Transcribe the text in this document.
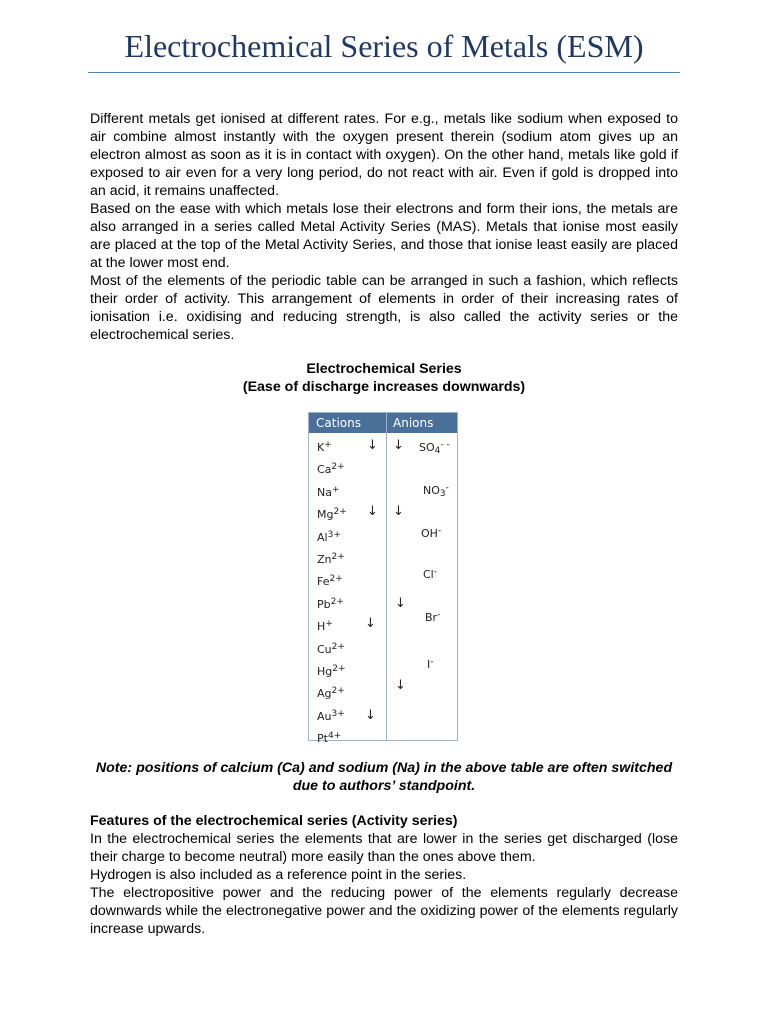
Electrochemical Series of Metals (ESM)

Different metals get ionised at different rates. For e.g., metals like sodium when exposed to air combine almost instantly with the oxygen present therein (sodium atom gives up an electron almost as soon as it is in contact with oxygen). On the other hand, metals like gold if exposed to air even for a very long period, do not react with air. Even if gold is dropped into an acid, it remains unaffected.

Based on the ease with which metals lose their electrons and form their ions, the metals are also arranged in a series called Metal Activity Series (MAS). Metals that ionise most easily are placed at the top of the Metal Activity Series, and those that ionise least easily are placed at the lower most end.

Most of the elements of the periodic table can be arranged in such a fashion, which reflects their order of activity. This arrangement of elements in order of their increasing rates of ionisation i.e. oxidising and reducing strength, is also called the activity series or the electrochemical series.

Electrochemical Series
(Ease of discharge increases downwards)
Cations	Anions
K+
$Ca^{2+}$
Na+
$Mg^{2+}$
$Al^{3+}$
$Zn^{2+}$
$Fe^{2+}$
$Pb^{2+}$
H+
$Cu^{2+}$
$Hg^{2+}$
$Ag^{2+}$
$Au^{3+}$
$Pt^{4+}$
$SO_4^{- -}$
$NO_3^-$
OH-
Cl-
Br-
I-
↓ ↓
↓ ↓
↓
↓
↓
↓
Note: positions of calcium (Ca) and sodium (Na) in the above table are often switched due to authors’ standpoint.
Features of the electrochemical series (Activity series)

In the electrochemical series the elements that are lower in the series get discharged (lose their charge to become neutral) more easily than the ones above them.

Hydrogen is also included as a reference point in the series.

The electropositive power and the reducing power of the elements regularly decrease downwards while the electronegative power and the oxidizing power of the elements regularly increase upwards.
